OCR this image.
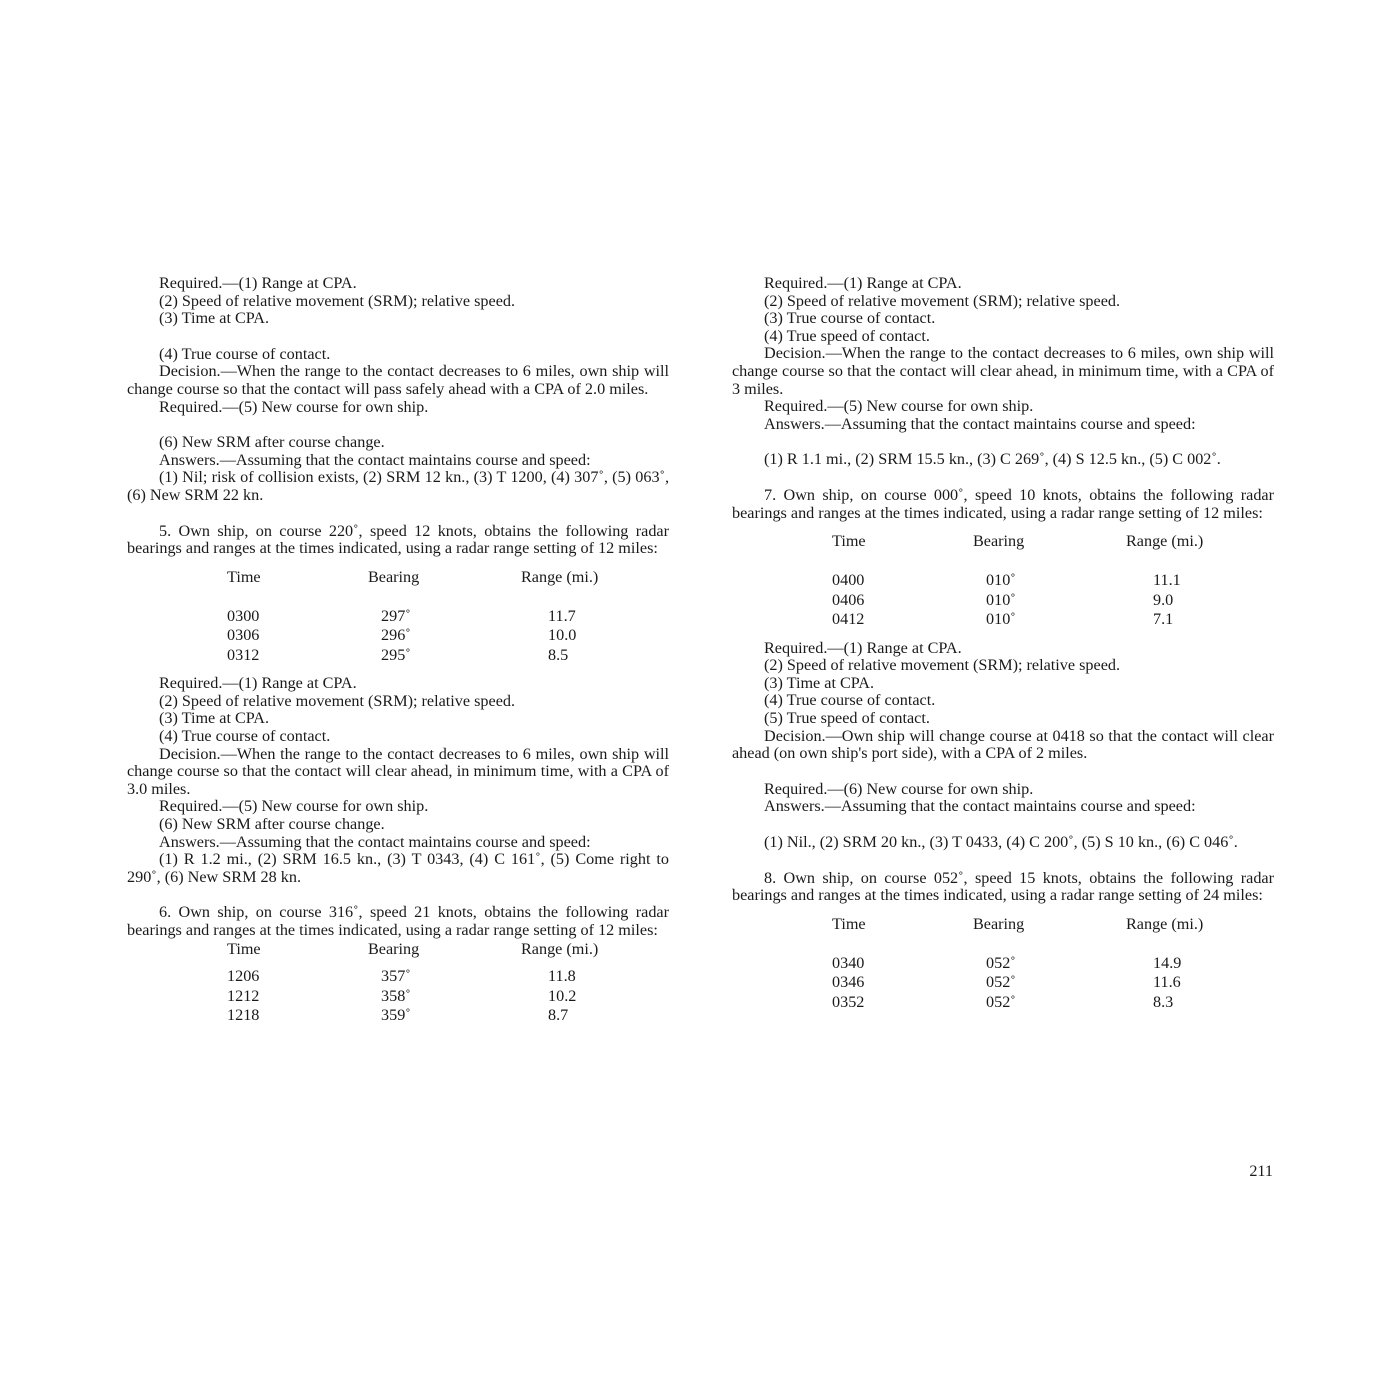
Required.—(1) Range at CPA.

(2) Speed of relative movement (SRM); relative speed.

(3) Time at CPA.

(4) True course of contact.

Decision.—When the range to the contact decreases to 6 miles, own ship will change course so that the contact will pass safely ahead with a CPA of 2.0 miles.

Required.—(5) New course for own ship.

(6) New SRM after course change.

Answers.—Assuming that the contact maintains course and speed:

(1) Nil; risk of collision exists, (2) SRM 12 kn., (3) T 1200, (4) 307˚, (5) 063˚, (6) New SRM 22 kn.

5. Own ship, on course 220˚, speed 12 knots, obtains the following radar bearings and ranges at the times indicated, using a radar range setting of 12 miles:

Time	Bearing	Range (mi.)

0300	297˚	11.7
0306	296˚	10.0
0312	295˚	8.5

Required.—(1) Range at CPA.

(2) Speed of relative movement (SRM); relative speed.

(3) Time at CPA.

(4) True course of contact.

Decision.—When the range to the contact decreases to 6 miles, own ship will change course so that the contact will clear ahead, in minimum time, with a CPA of 3.0 miles.

Required.—(5) New course for own ship.

(6) New SRM after course change.

Answers.—Assuming that the contact maintains course and speed:

(1) R 1.2 mi., (2) SRM 16.5 kn., (3) T 0343, (4) C 161˚, (5) Come right to 290˚, (6) New SRM 28 kn.

6. Own ship, on course 316˚, speed 21 knots, obtains the following radar bearings and ranges at the times indicated, using a radar range setting of 12 miles:

Time	Bearing	Range (mi.)

1206	357˚	11.8
1212	358˚	10.2
1218	359˚	8.7

Required.—(1) Range at CPA.

(2) Speed of relative movement (SRM); relative speed.

(3) True course of contact.

(4) True speed of contact.

Decision.—When the range to the contact decreases to 6 miles, own ship will change course so that the contact will clear ahead, in minimum time, with a CPA of 3 miles.

Required.—(5) New course for own ship.

Answers.—Assuming that the contact maintains course and speed:

(1) R 1.1 mi., (2) SRM 15.5 kn., (3) C 269˚, (4) S 12.5 kn., (5) C 002˚.

7. Own ship, on course 000˚, speed 10 knots, obtains the following radar bearings and ranges at the times indicated, using a radar range setting of 12 miles:

Time	Bearing	Range (mi.)

0400	010˚	11.1
0406	010˚	9.0
0412	010˚	7.1

Required.—(1) Range at CPA.

(2) Speed of relative movement (SRM); relative speed.

(3) Time at CPA.

(4) True course of contact.

(5) True speed of contact.

Decision.—Own ship will change course at 0418 so that the contact will clear ahead (on own ship's port side), with a CPA of 2 miles.

Required.—(6) New course for own ship.

Answers.—Assuming that the contact maintains course and speed:

(1) Nil., (2) SRM 20 kn., (3) T 0433, (4) C 200˚, (5) S 10 kn., (6) C 046˚.

8. Own ship, on course 052˚, speed 15 knots, obtains the following radar bearings and ranges at the times indicated, using a radar range setting of 24 miles:

Time	Bearing	Range (mi.)

0340	052˚	14.9
0346	052˚	11.6
0352	052˚	8.3
211
